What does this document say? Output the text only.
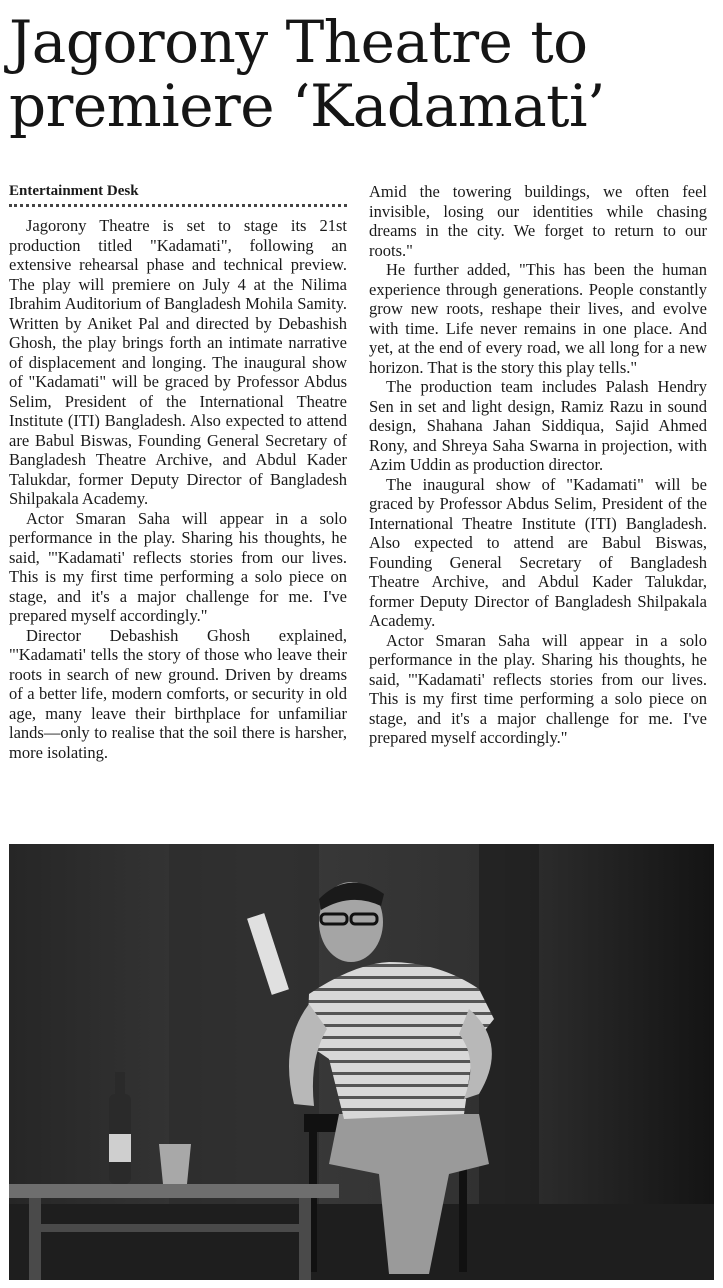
Jagorony Theatre to
premiere ‘Kadamati’
Entertainment Desk

Jagorony Theatre is set to stage its 21st production titled "Kadamati", following an extensive rehearsal phase and technical preview. The play will premiere on July 4 at the Nilima Ibrahim Auditorium of Bangladesh Mohila Samity. Written by Aniket Pal and directed by Debashish Ghosh, the play brings forth an intimate narrative of displacement and longing. The inaugural show of "Kadamati" will be graced by Professor Abdus Selim, President of the International Theatre Institute (ITI) Bangladesh. Also expected to attend are Babul Biswas, Founding General Secretary of Bangladesh Theatre Archive, and Abdul Kader Talukdar, former Deputy Director of Bangladesh Shilpakala Academy.

Actor Smaran Saha will appear in a solo performance in the play. Sharing his thoughts, he said, "'Kadamati' reflects stories from our lives. This is my first time performing a solo piece on stage, and it's a major challenge for me. I've prepared myself accordingly."

Director Debashish Ghosh explained, "'Kadamati' tells the story of those who leave their roots in search of new ground. Driven by dreams of a better life, modern comforts, or security in old age, many leave their birthplace for unfamiliar lands—only to realise that the soil there is harsher, more isolating.

Amid the towering buildings, we often feel invisible, losing our identities while chasing dreams in the city. We forget to return to our roots."

He further added, "This has been the human experience through generations. People constantly grow new roots, reshape their lives, and evolve with time. Life never remains in one place. And yet, at the end of every road, we all long for a new horizon. That is the story this play tells."

The production team includes Palash Hendry Sen in set and light design, Ramiz Razu in sound design, Shahana Jahan Siddiqua, Sajid Ahmed Rony, and Shreya Saha Swarna in projection, with Azim Uddin as production director.

The inaugural show of "Kadamati" will be graced by Professor Abdus Selim, President of the International Theatre Institute (ITI) Bangladesh. Also expected to attend are Babul Biswas, Founding General Secretary of Bangladesh Theatre Archive, and Abdul Kader Talukdar, former Deputy Director of Bangladesh Shilpakala Academy.

Actor Smaran Saha will appear in a solo performance in the play. Sharing his thoughts, he said, "'Kadamati' reflects stories from our lives. This is my first time performing a solo piece on stage, and it's a major challenge for me. I've prepared myself accordingly."
